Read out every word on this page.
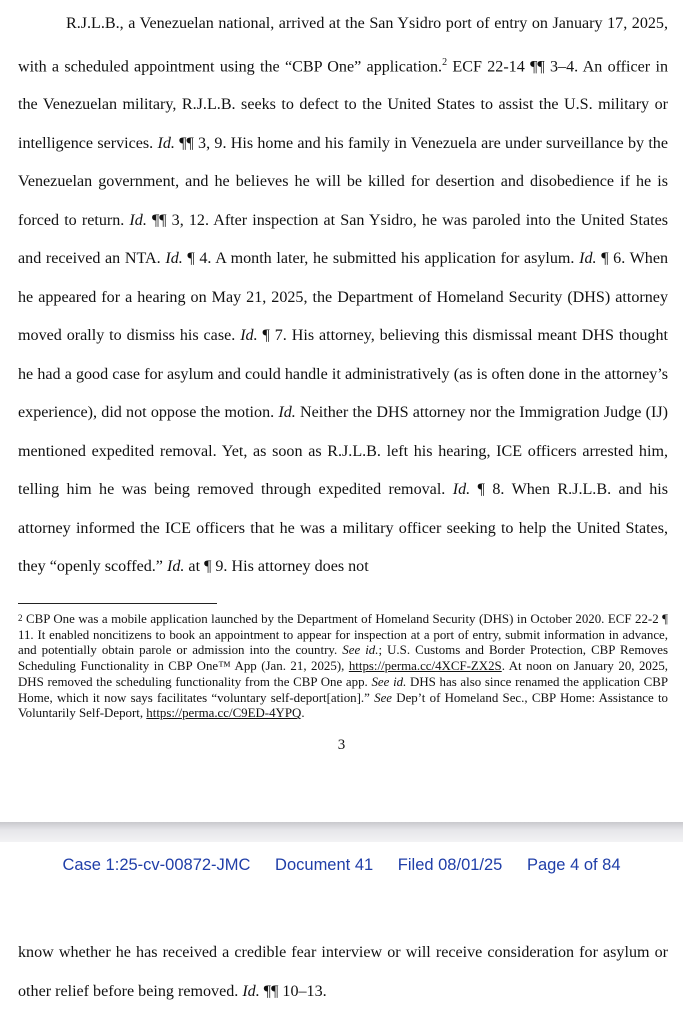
R.J.L.B., a Venezuelan national, arrived at the San Ysidro port of entry on January 17, 2025, with a scheduled appointment using the “CBP One” application.$^2$ ECF 22-14 ¶¶ 3–4. An officer in the Venezuelan military, R.J.L.B. seeks to defect to the United States to assist the U.S. military or intelligence services. Id. ¶¶ 3, 9. His home and his family in Venezuela are under surveillance by the Venezuelan government, and he believes he will be killed for desertion and disobedience if he is forced to return. Id. ¶¶ 3, 12. After inspection at San Ysidro, he was paroled into the United States and received an NTA. Id. ¶ 4. A month later, he submitted his application for asylum. Id. ¶ 6. When he appeared for a hearing on May 21, 2025, the Department of Homeland Security (DHS) attorney moved orally to dismiss his case. Id. ¶ 7. His attorney, believing this dismissal meant DHS thought he had a good case for asylum and could handle it administratively (as is often done in the attorney’s experience), did not oppose the motion. Id. Neither the DHS attorney nor the Immigration Judge (IJ) mentioned expedited removal. Yet, as soon as R.J.L.B. left his hearing, ICE officers arrested him, telling him he was being removed through expedited removal. Id. ¶ 8. When R.J.L.B. and his attorney informed the ICE officers that he was a military officer seeking to help the United States, they “openly scoffed.” Id. at ¶ 9. His attorney does not
$^2$ CBP One was a mobile application launched by the Department of Homeland Security (DHS) in October 2020. ECF 22-2 ¶ 11. It enabled noncitizens to book an appointment to appear for inspection at a port of entry, submit information in advance, and potentially obtain parole or admission into the country. See id.; U.S. Customs and Border Protection, CBP Removes Scheduling Functionality in CBP One™ App (Jan. 21, 2025), https://perma.cc/4XCF-ZX2S. At noon on January 20, 2025, DHS removed the scheduling functionality from the CBP One app. See id. DHS has also since renamed the application CBP Home, which it now says facilitates “voluntary self-deport[ation].” See Dep’t of Homeland Sec., CBP Home: Assistance to Voluntarily Self-Deport, https://perma.cc/C9ED-4YPQ.
3
Case 1:25-cv-00872-JMC Document 41 Filed 08/01/25 Page 4 of 84
know whether he has received a credible fear interview or will receive consideration for asylum or other relief before being removed. Id. ¶¶ 10–13.
